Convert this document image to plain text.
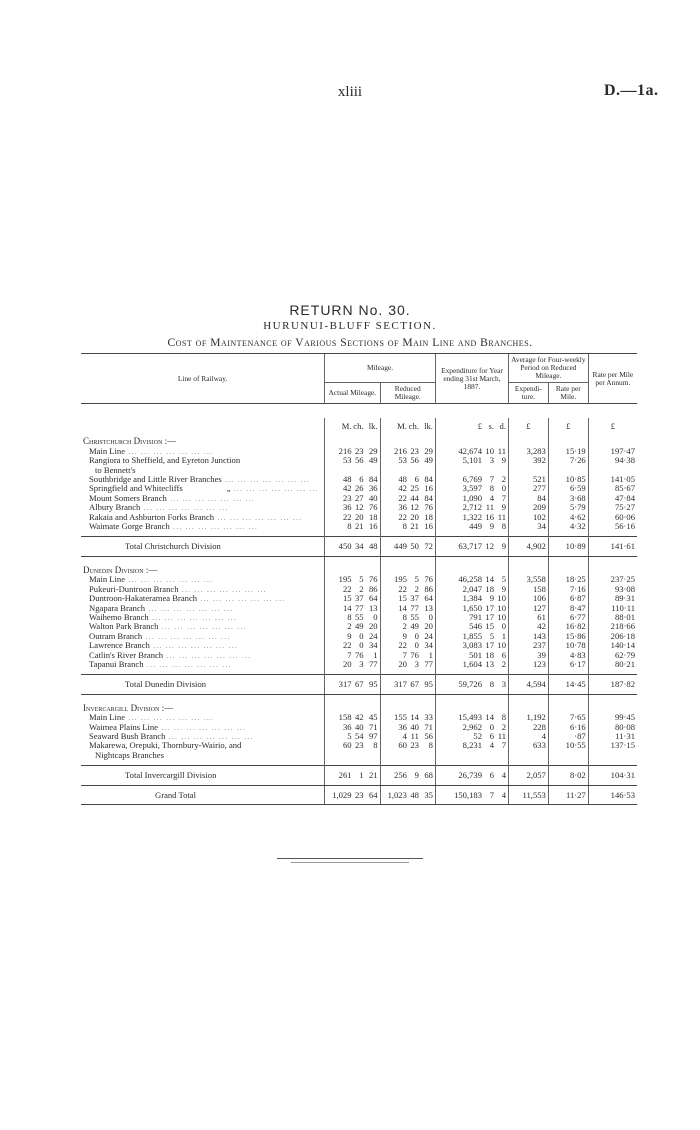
xliii	D.—1a.
RETURN No. 30.
HURUNUI-BLUFF SECTION.
Cost of Maintenance of Various Sections of Main Line and Branches.
Line of Railway.	Mileage.		Expenditure for Year ending 31st March, 1887.	Average for Four-weekly Period on Reduced Mileage.		Rate per Mile per Annum.
	Actual Mileage.	Reduced Mileage.		Expendi-ture.	Rate per Mile.	

	M. ch. lk.	M. ch. lk.	£ s. d.	£	£	£
Christchurch Division :—						
Main Line ... ... ... ... ... ... ...	216 23 29	216 23 29	42,674 10 11	3,283	15·19	197·47
Rangiora to Sheffield, and Eyreton Junction	53 56 49	53 56 49	5,101 3 9	392	7·26	94·38
to Bennett's						
Southbridge and Little River Branches ... ... ... ... ... ... ...	48 6 84	48 6 84	6,769 7 2	521	10·85	141·05
Springfield and Whitecliffs „ ... ... ... ... ... ... ...	42 26 36	42 25 16	3,597 8 0	277	6·59	85·67
Mount Somers Branch ... ... ... ... ... ... ...	23 27 40	22 44 84	1,090 4 7	84	3·68	47·84
Albury Branch ... ... ... ... ... ... ...	36 12 76	36 12 76	2,712 11 9	209	5·79	75·27
Rakaia and Ashburton Forks Branch ... ... ... ... ... ... ...	22 20 18	22 20 18	1,322 16 11	102	4·62	60·06
Waimate Gorge Branch ... ... ... ... ... ... ...	8 21 16	8 21 16	449 9 8	34	4·32	56·16

Total Christchurch Division	450 34 48	449 50 72	63,717 12 9	4,902	10·89	141·61

Dunedin Division :—						
Main Line ... ... ... ... ... ... ...	195 5 76	195 5 76	46,258 14 5	3,558	18·25	237·25
Pukeuri-Duntroon Branch ... ... ... ... ... ... ...	22 2 86	22 2 86	2,047 18 9	158	7·16	93·08
Duntroon-Hakateramea Branch ... ... ... ... ... ... ...	15 37 64	15 37 64	1,384 9 10	106	6·87	89·31
Ngapara Branch ... ... ... ... ... ... ...	14 77 13	14 77 13	1,650 17 10	127	8·47	110·11
Waihemo Branch ... ... ... ... ... ... ...	8 55 0	8 55 0	791 17 10	61	6·77	88·01
Walton Park Branch ... ... ... ... ... ... ...	2 49 20	2 49 20	546 15 0	42	16·82	218·66
Outram Branch ... ... ... ... ... ... ...	9 0 24	9 0 24	1,855 5 1	143	15·86	206·18
Lawrence Branch ... ... ... ... ... ... ...	22 0 34	22 0 34	3,083 17 10	237	10·78	140·14
Catlin's River Branch ... ... ... ... ... ... ...	7 76 1	7 76 1	501 18 6	39	4·83	62·79
Tapanui Branch ... ... ... ... ... ... ...	20 3 77	20 3 77	1,604 13 2	123	6·17	80·21

Total Dunedin Division	317 67 95	317 67 95	59,726 8 3	4,594	14·45	187·82

Invercargill Division :—						
Main Line ... ... ... ... ... ... ...	158 42 45	155 14 33	15,493 14 8	1,192	7·65	99·45
Waimea Plains Line ... ... ... ... ... ... ...	36 40 71	36 40 71	2,962 0 2	228	6·16	80·08
Seaward Bush Branch ... ... ... ... ... ... ...	5 54 97	4 11 56	52 6 11	4	·87	11·31
Makarewa, Orepuki, Thornbury-Wairio, and	60 23 8	60 23 8	8,231 4 7	633	10·55	137·15
Nightcaps Branches						

Total Invercargill Division	261 1 21	256 9 68	26,739 6 4	2,057	8·02	104·31
Grand Total	1,029 23 64	1,023 48 35	150,183 7 4	11,553	11·27	146·53
